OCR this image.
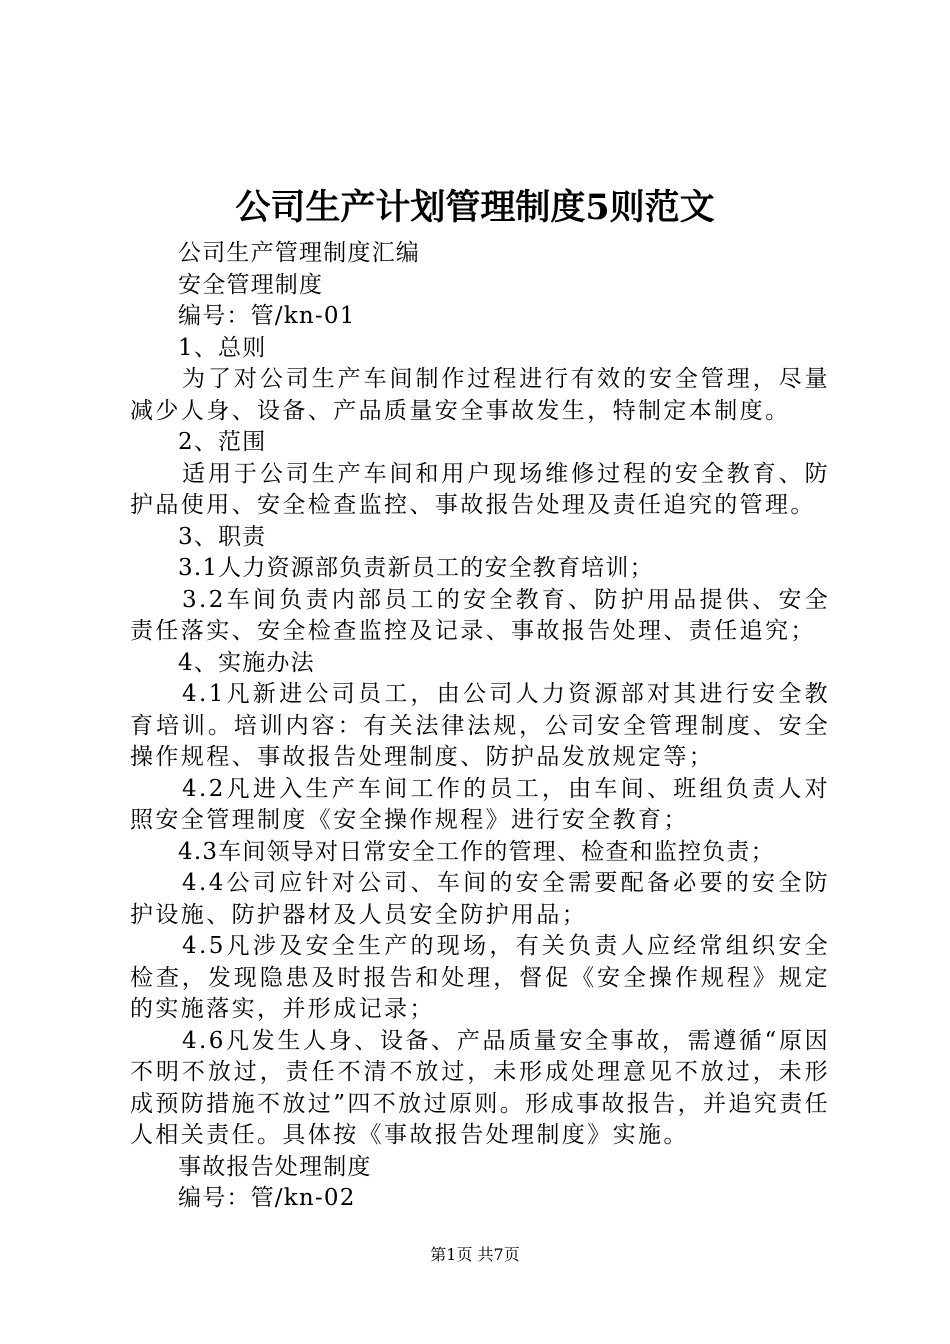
公司生产计划管理制度5则范文

公司生产管理制度汇编

安全管理制度

编号：管/kn-01

1、总则

为了对公司生产车间制作过程进行有效的安全管理，尽量减少人身、设备、产品质量安全事故发生，特制定本制度。

2、范围

适用于公司生产车间和用户现场维修过程的安全教育、防护品使用、安全检查监控、事故报告处理及责任追究的管理。

3、职责

3.1人力资源部负责新员工的安全教育培训；

3.2车间负责内部员工的安全教育、防护用品提供、安全责任落实、安全检查监控及记录、事故报告处理、责任追究；

4、实施办法

4.1凡新进公司员工，由公司人力资源部对其进行安全教育培训。培训内容：有关法律法规，公司安全管理制度、安全操作规程、事故报告处理制度、防护品发放规定等；

4.2凡进入生产车间工作的员工，由车间、班组负责人对照安全管理制度《安全操作规程》进行安全教育；

4.3车间领导对日常安全工作的管理、检查和监控负责；

4.4公司应针对公司、车间的安全需要配备必要的安全防护设施、防护器材及人员安全防护用品；

4.5凡涉及安全生产的现场，有关负责人应经常组织安全检查，发现隐患及时报告和处理，督促《安全操作规程》规定的实施落实，并形成记录；

4.6凡发生人身、设备、产品质量安全事故，需遵循“原因不明不放过，责任不清不放过，未形成处理意见不放过，未形成预防措施不放过”四不放过原则。形成事故报告，并追究责任人相关责任。具体按《事故报告处理制度》实施。

事故报告处理制度

编号：管/kn-02

第1页 共7页
